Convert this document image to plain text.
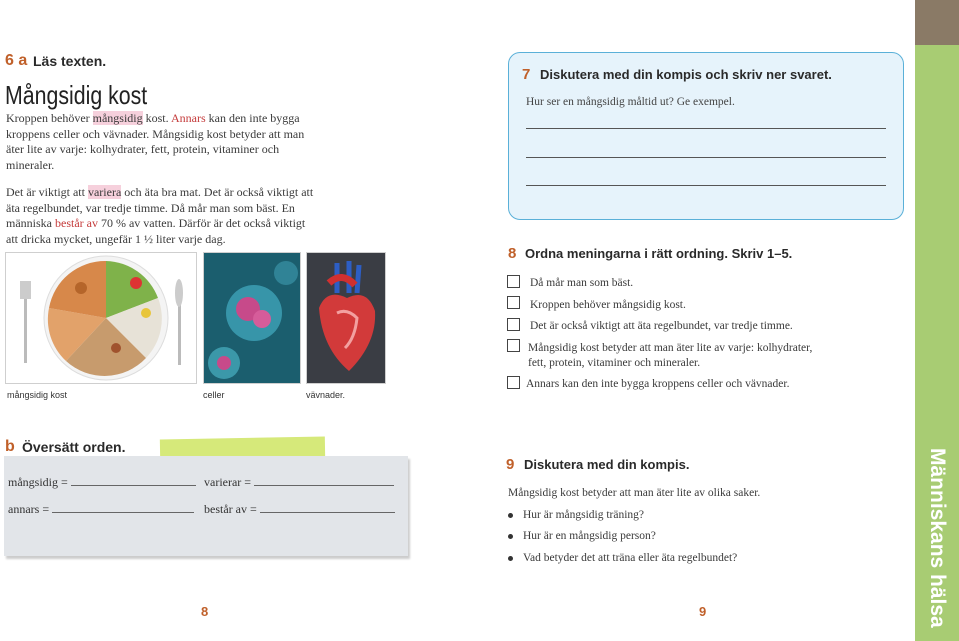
Människans hälsa
6 a Läs texten.
Mångsidig kost
Kroppen behöver mångsidig kost. Annars kan den inte bygga kroppens celler och vävnader. Mångsidig kost betyder att man äter lite av varje: kolhydrater, fett, protein, vitaminer och mineraler.
Det är viktigt att variera och äta bra mat. Det är också viktigt att äta regelbundet, var tredje timme. Då mår man som bäst. En människa består av 70 % av vatten. Därför är det också viktigt att dricka mycket, ungefär 1 ½ liter varje dag.
mångsidig kost	celler	vävnader.
b Översätt orden.
mångsidig =	varierar =
annars =	består av =
8	9
7 Diskutera med din kompis och skriv ner svaret.
Hur ser en mångsidig måltid ut? Ge exempel.
8 Ordna meningarna i rätt ordning. Skriv 1–5.
Då mår man som bäst.
Kroppen behöver mångsidig kost.
Det är också viktigt att äta regelbundet, var tredje timme.
Mångsidig kost betyder att man äter lite av varje: kolhydrater, fett, protein, vitaminer och mineraler.
Annars kan den inte bygga kroppens celler och vävnader.
9 Diskutera med din kompis.
Mångsidig kost betyder att man äter lite av olika saker.
Hur är mångsidig träning?
Hur är en mångsidig person?
Vad betyder det att träna eller äta regelbundet?
